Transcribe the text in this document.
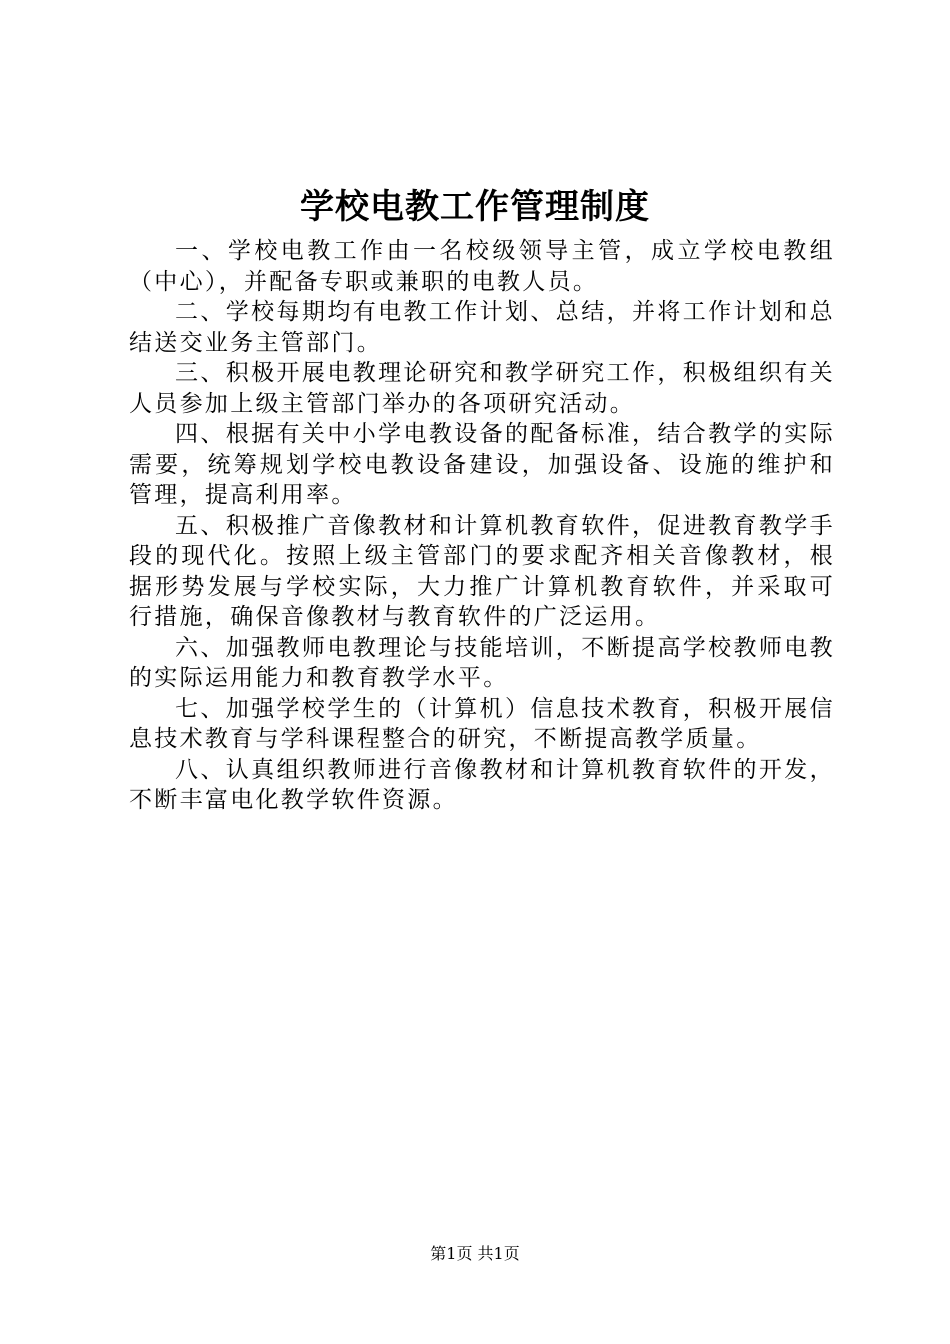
学校电教工作管理制度

一、学校电教工作由一名校级领导主管，成立学校电教组（中心），并配备专职或兼职的电教人员。

二、学校每期均有电教工作计划、总结，并将工作计划和总结送交业务主管部门。

三、积极开展电教理论研究和教学研究工作，积极组织有关人员参加上级主管部门举办的各项研究活动。

四、根据有关中小学电教设备的配备标准，结合教学的实际需要，统筹规划学校电教设备建设，加强设备、设施的维护和管理，提高利用率。

五、积极推广音像教材和计算机教育软件，促进教育教学手段的现代化。按照上级主管部门的要求配齐相关音像教材，根据形势发展与学校实际，大力推广计算机教育软件，并采取可行措施，确保音像教材与教育软件的广泛运用。

六、加强教师电教理论与技能培训，不断提高学校教师电教的实际运用能力和教育教学水平。

七、加强学校学生的（计算机）信息技术教育，积极开展信息技术教育与学科课程整合的研究，不断提高教学质量。

八、认真组织教师进行音像教材和计算机教育软件的开发，不断丰富电化教学软件资源。

第1页 共1页
